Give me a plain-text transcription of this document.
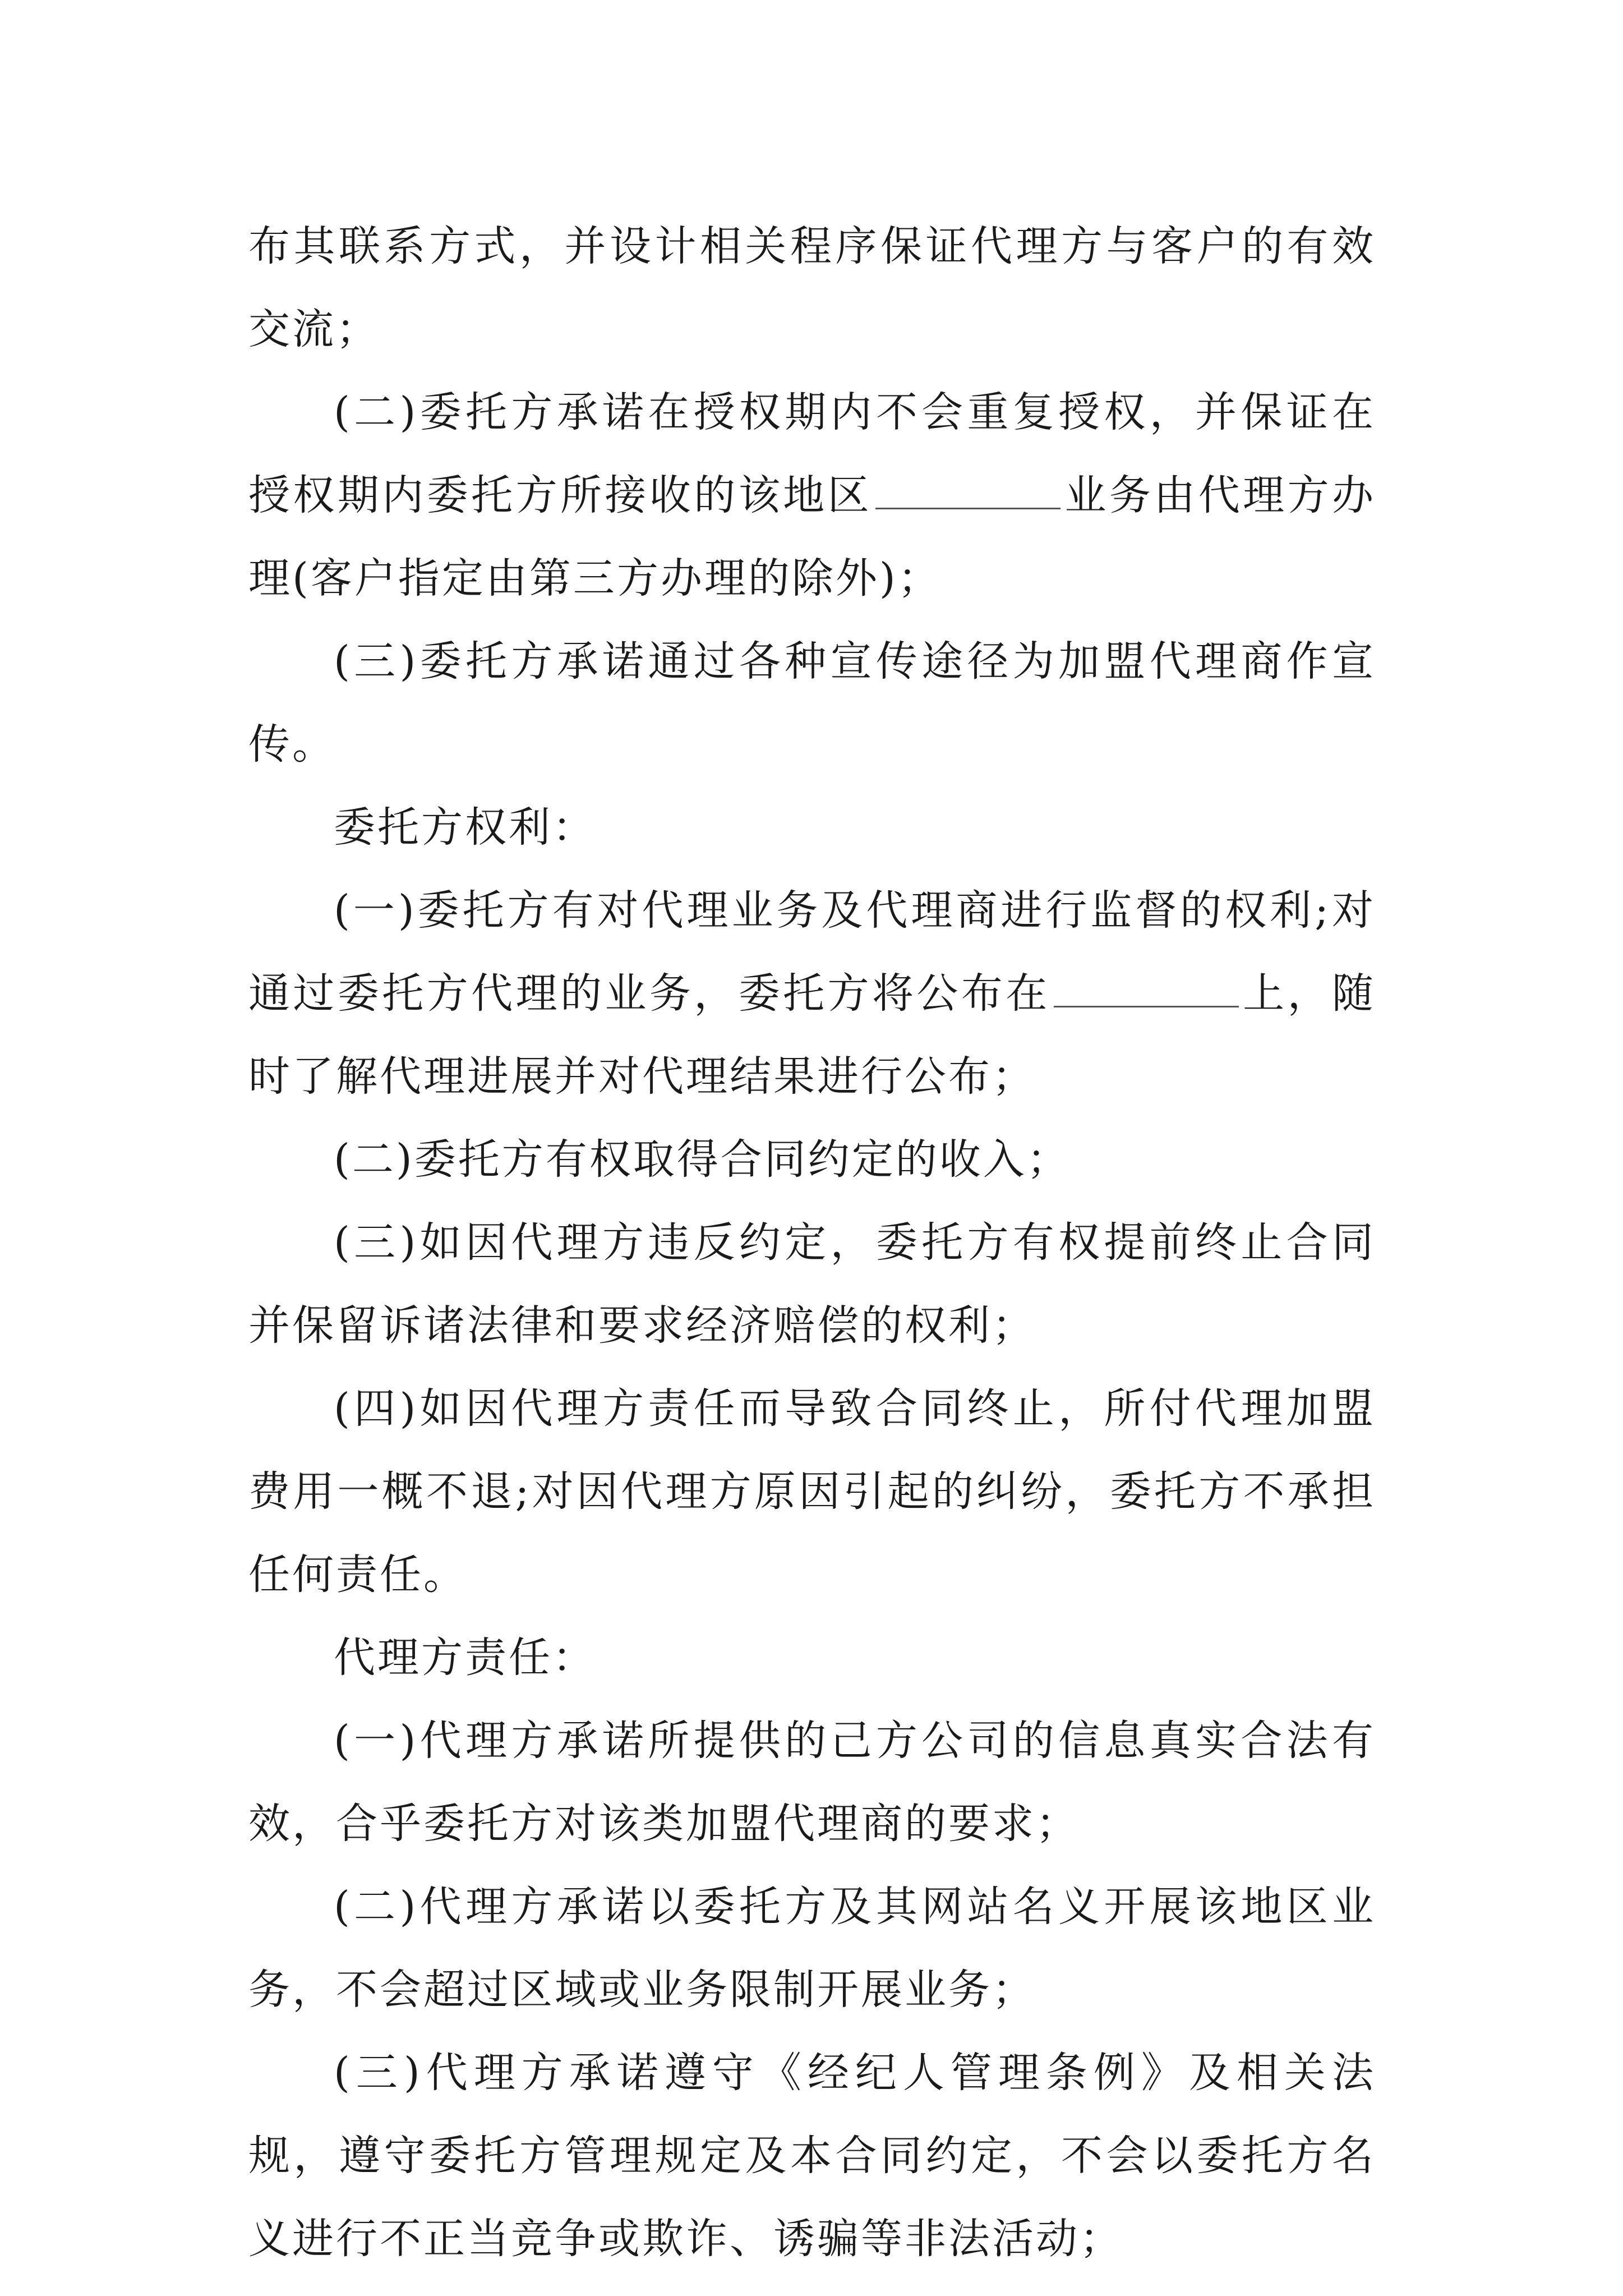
布其联系方式，并设计相关程序保证代理方与客户的有效交流；

(二)委托方承诺在授权期内不会重复授权，并保证在授权期内委托方所接收的该地区	业务由代理方办理(客户指定由第三方办理的除外)；

(三)委托方承诺通过各种宣传途径为加盟代理商作宣传。

委托方权利：

(一)委托方有对代理业务及代理商进行监督的权利;对通过委托方代理的业务，委托方将公布在	上，随时了解代理进展并对代理结果进行公布；

(二)委托方有权取得合同约定的收入；

(三)如因代理方违反约定，委托方有权提前终止合同并保留诉诸法律和要求经济赔偿的权利；

(四)如因代理方责任而导致合同终止，所付代理加盟费用一概不退;对因代理方原因引起的纠纷，委托方不承担任何责任。

代理方责任：

(一)代理方承诺所提供的己方公司的信息真实合法有效，合乎委托方对该类加盟代理商的要求；

(二)代理方承诺以委托方及其网站名义开展该地区业务，不会超过区域或业务限制开展业务；

(三)代理方承诺遵守《经纪人管理条例》及相关法规，遵守委托方管理规定及本合同约定，不会以委托方名义进行不正当竞争或欺诈、诱骗等非法活动；
